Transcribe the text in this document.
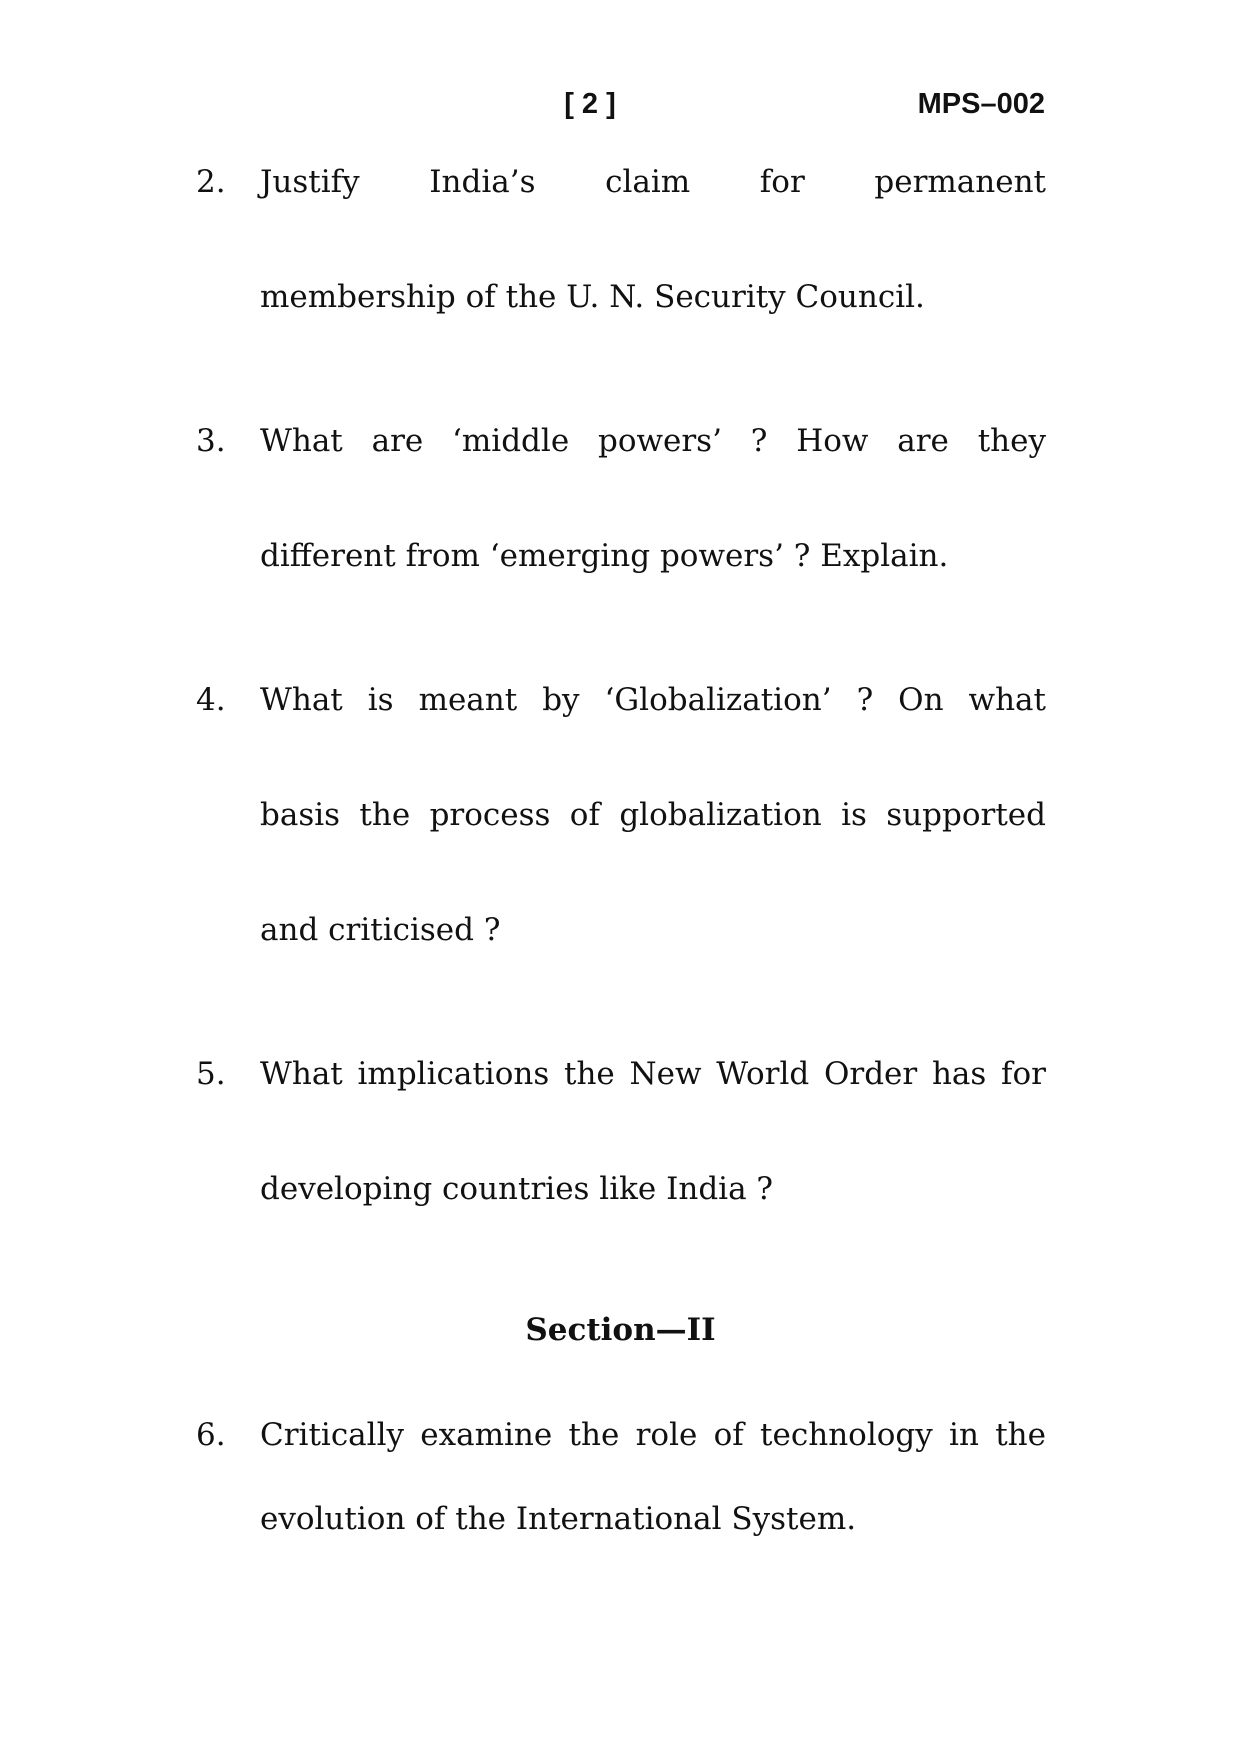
[ 2 ]	MPS–002
2.	Justify India’s claim for permanent
membership of the U. N. Security Council.
3.	What are ‘middle powers’ ? How are they
different from ‘emerging powers’ ? Explain.
4.	What is meant by ‘Globalization’ ? On what
basis the process of globalization is supported
and criticised ?
5.	What implications the New World Order has for
developing countries like India ?
Section—II
6.	Critically examine the role of technology in the
evolution of the International System.
